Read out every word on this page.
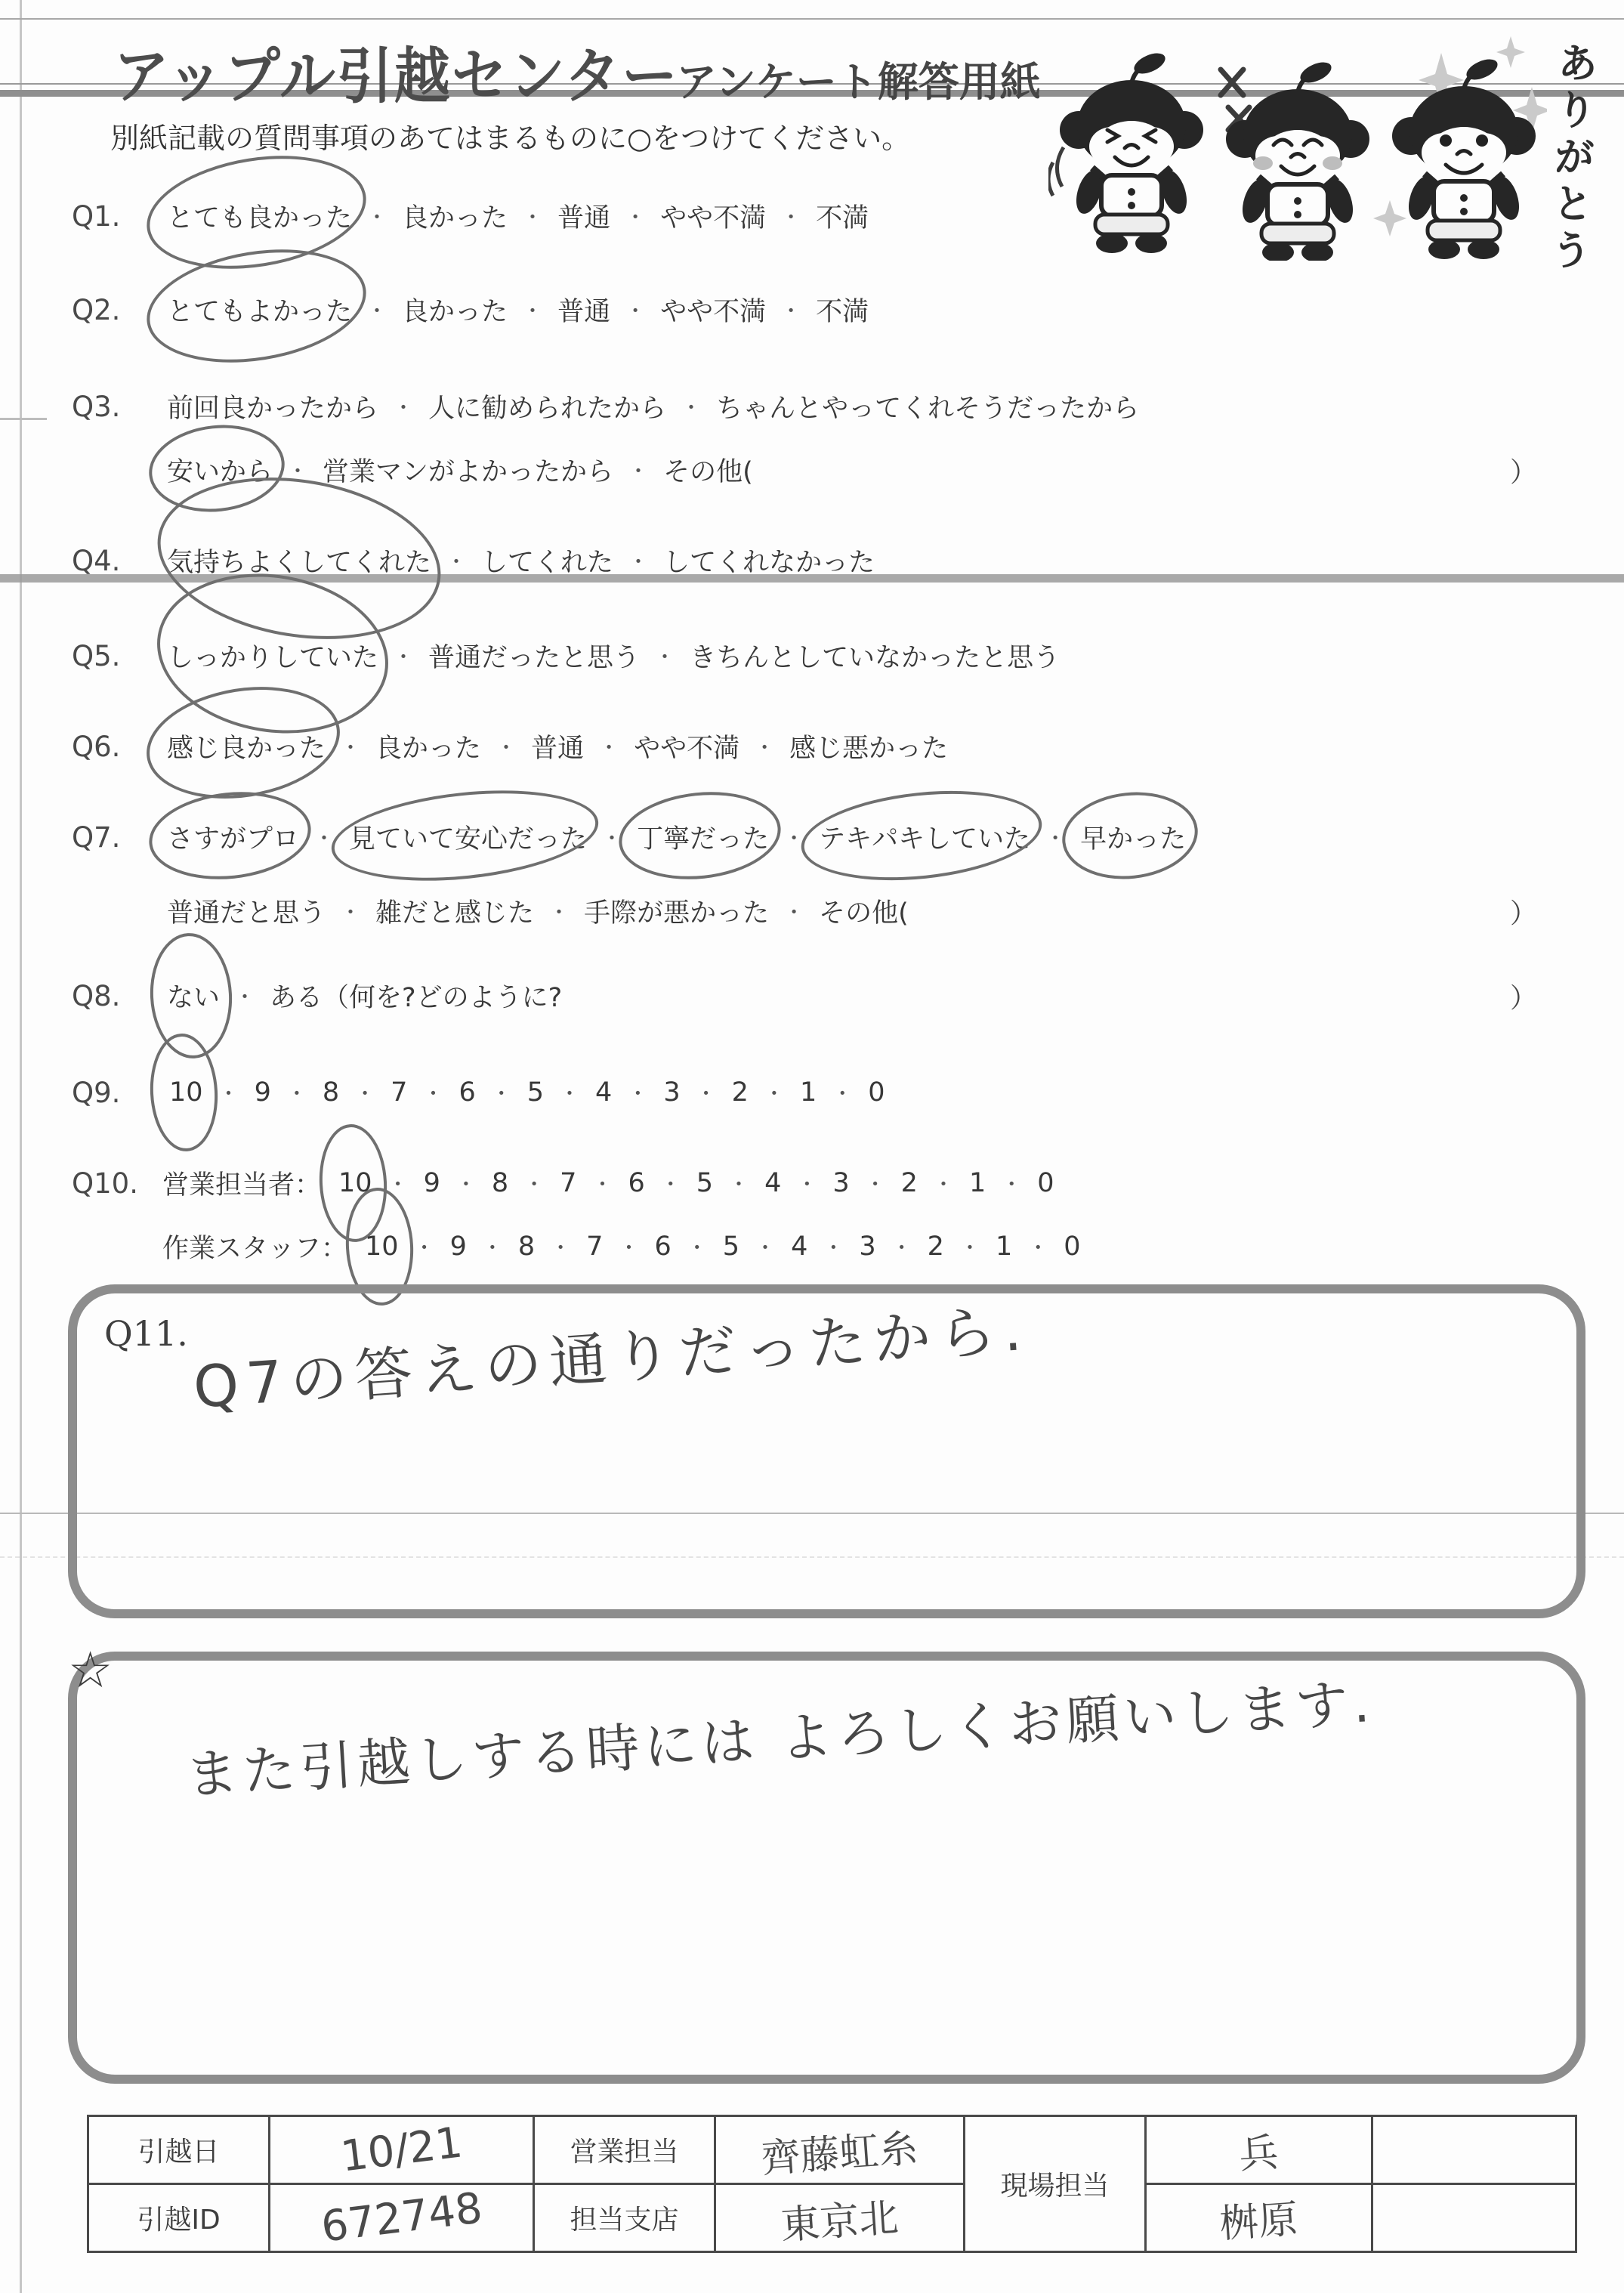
アップル引越センター
アンケート解答用紙
別紙記載の質問事項のあてはまるものに○をつけてください。	ありがとう
Q1.	とても良かった ・ 良かった ・ 普通 ・ やや不満 ・ 不満
Q2.	とてもよかった ・ 良かった ・ 普通 ・ やや不満 ・ 不満
Q3.	前回良かったから ・ 人に勧められたから ・ ちゃんとやってくれそうだったから
安いから ・ 営業マンがよかったから ・ その他(	）
Q4.	気持ちよくしてくれた ・ してくれた ・ してくれなかった
Q5.	しっかりしていた ・ 普通だったと思う ・ きちんとしていなかったと思う
Q6.	感じ良かった ・ 良かった ・ 普通 ・ やや不満 ・ 感じ悪かった
Q7.	さすがプロ ・ 見ていて安心だった ・ 丁寧だった ・ テキパキしていた ・ 早かった
普通だと思う ・ 雑だと感じた ・ 手際が悪かった ・ その他(	）
Q8.	ない ・ ある（何を?どのように?	）
Q9.	10 ・ 9 ・ 8 ・ 7 ・ 6 ・ 5 ・ 4 ・ 3 ・ 2 ・ 1 ・ 0
Q10. 営業担当者： 10 ・ 9 ・ 8 ・ 7 ・ 6 ・ 5 ・ 4 ・ 3 ・ 2 ・ 1 ・ 0
作業スタッフ： 10 ・ 9 ・ 8 ・ 7 ・ 6 ・ 5 ・ 4 ・ 3 ・ 2 ・ 1 ・ 0
Q11. Q7の答えの通りだったから.
☆
また引越しする時には よろしくお願いします.
引越日	10/21	営業担当	齊藤虹糸	現場担当	兵	
引越ID	672748	担当支店	東京北		桝原	
